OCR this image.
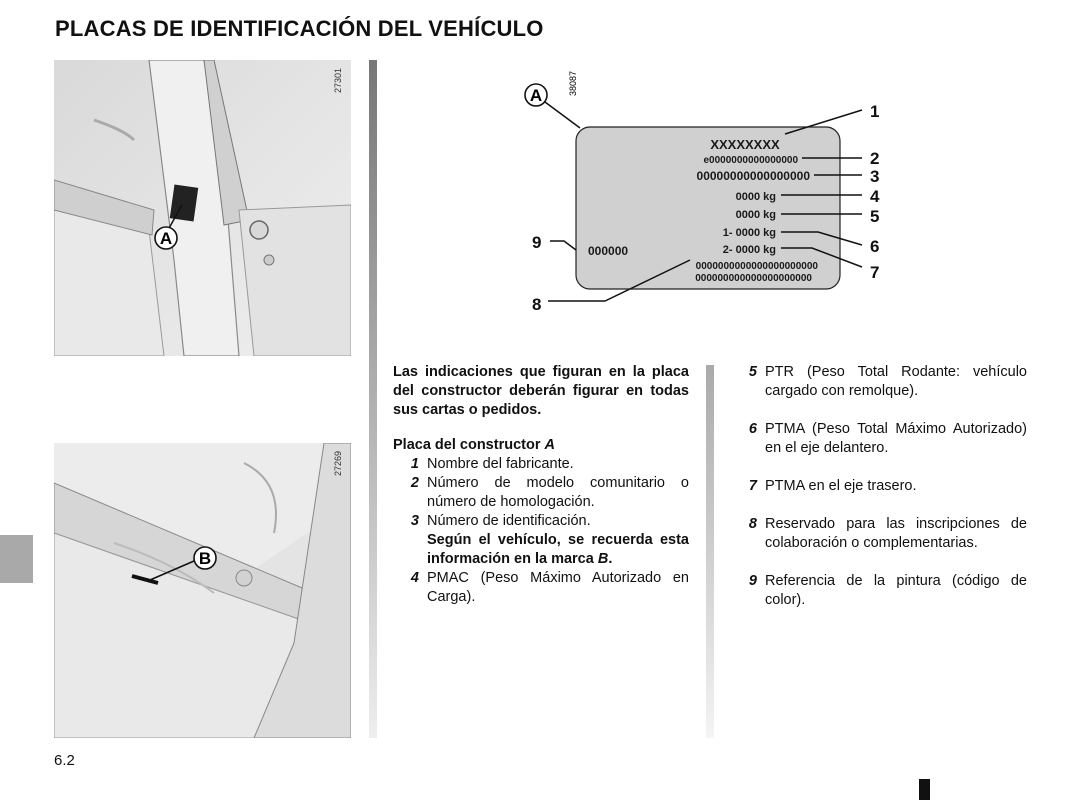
PLACAS DE IDENTIFICACIÓN DEL VEHÍCULO
A
27301
B
27269
38087
A
XXXXXXXX
e0000000000000000
00000000000000000
0000 kg
0000 kg
1- 0000 kg
2- 0000 kg
0000000000000000000000
000000000000000000000
000000
1
2
3
4
5
6
7
8
9

Las indicaciones que figuran en la placa del constructor deberán figurar en todas sus cartas o pedidos.

Placa del constructor A

1 Nombre del fabricante.
2 Número de modelo comunitario o número de homologación.
3 Número de identificación.
Según el vehículo, se recuerda esta información en la marca B.
4 PMAC (Peso Máximo Autorizado en Carga).
5 PTR (Peso Total Rodante: vehículo cargado con remolque).
6 PTMA (Peso Total Máximo Autorizado) en el eje delantero.
7 PTMA en el eje trasero.
8 Reservado para las inscripciones de colaboración o complementarias.
9 Referencia de la pintura (código de color).
6.2
